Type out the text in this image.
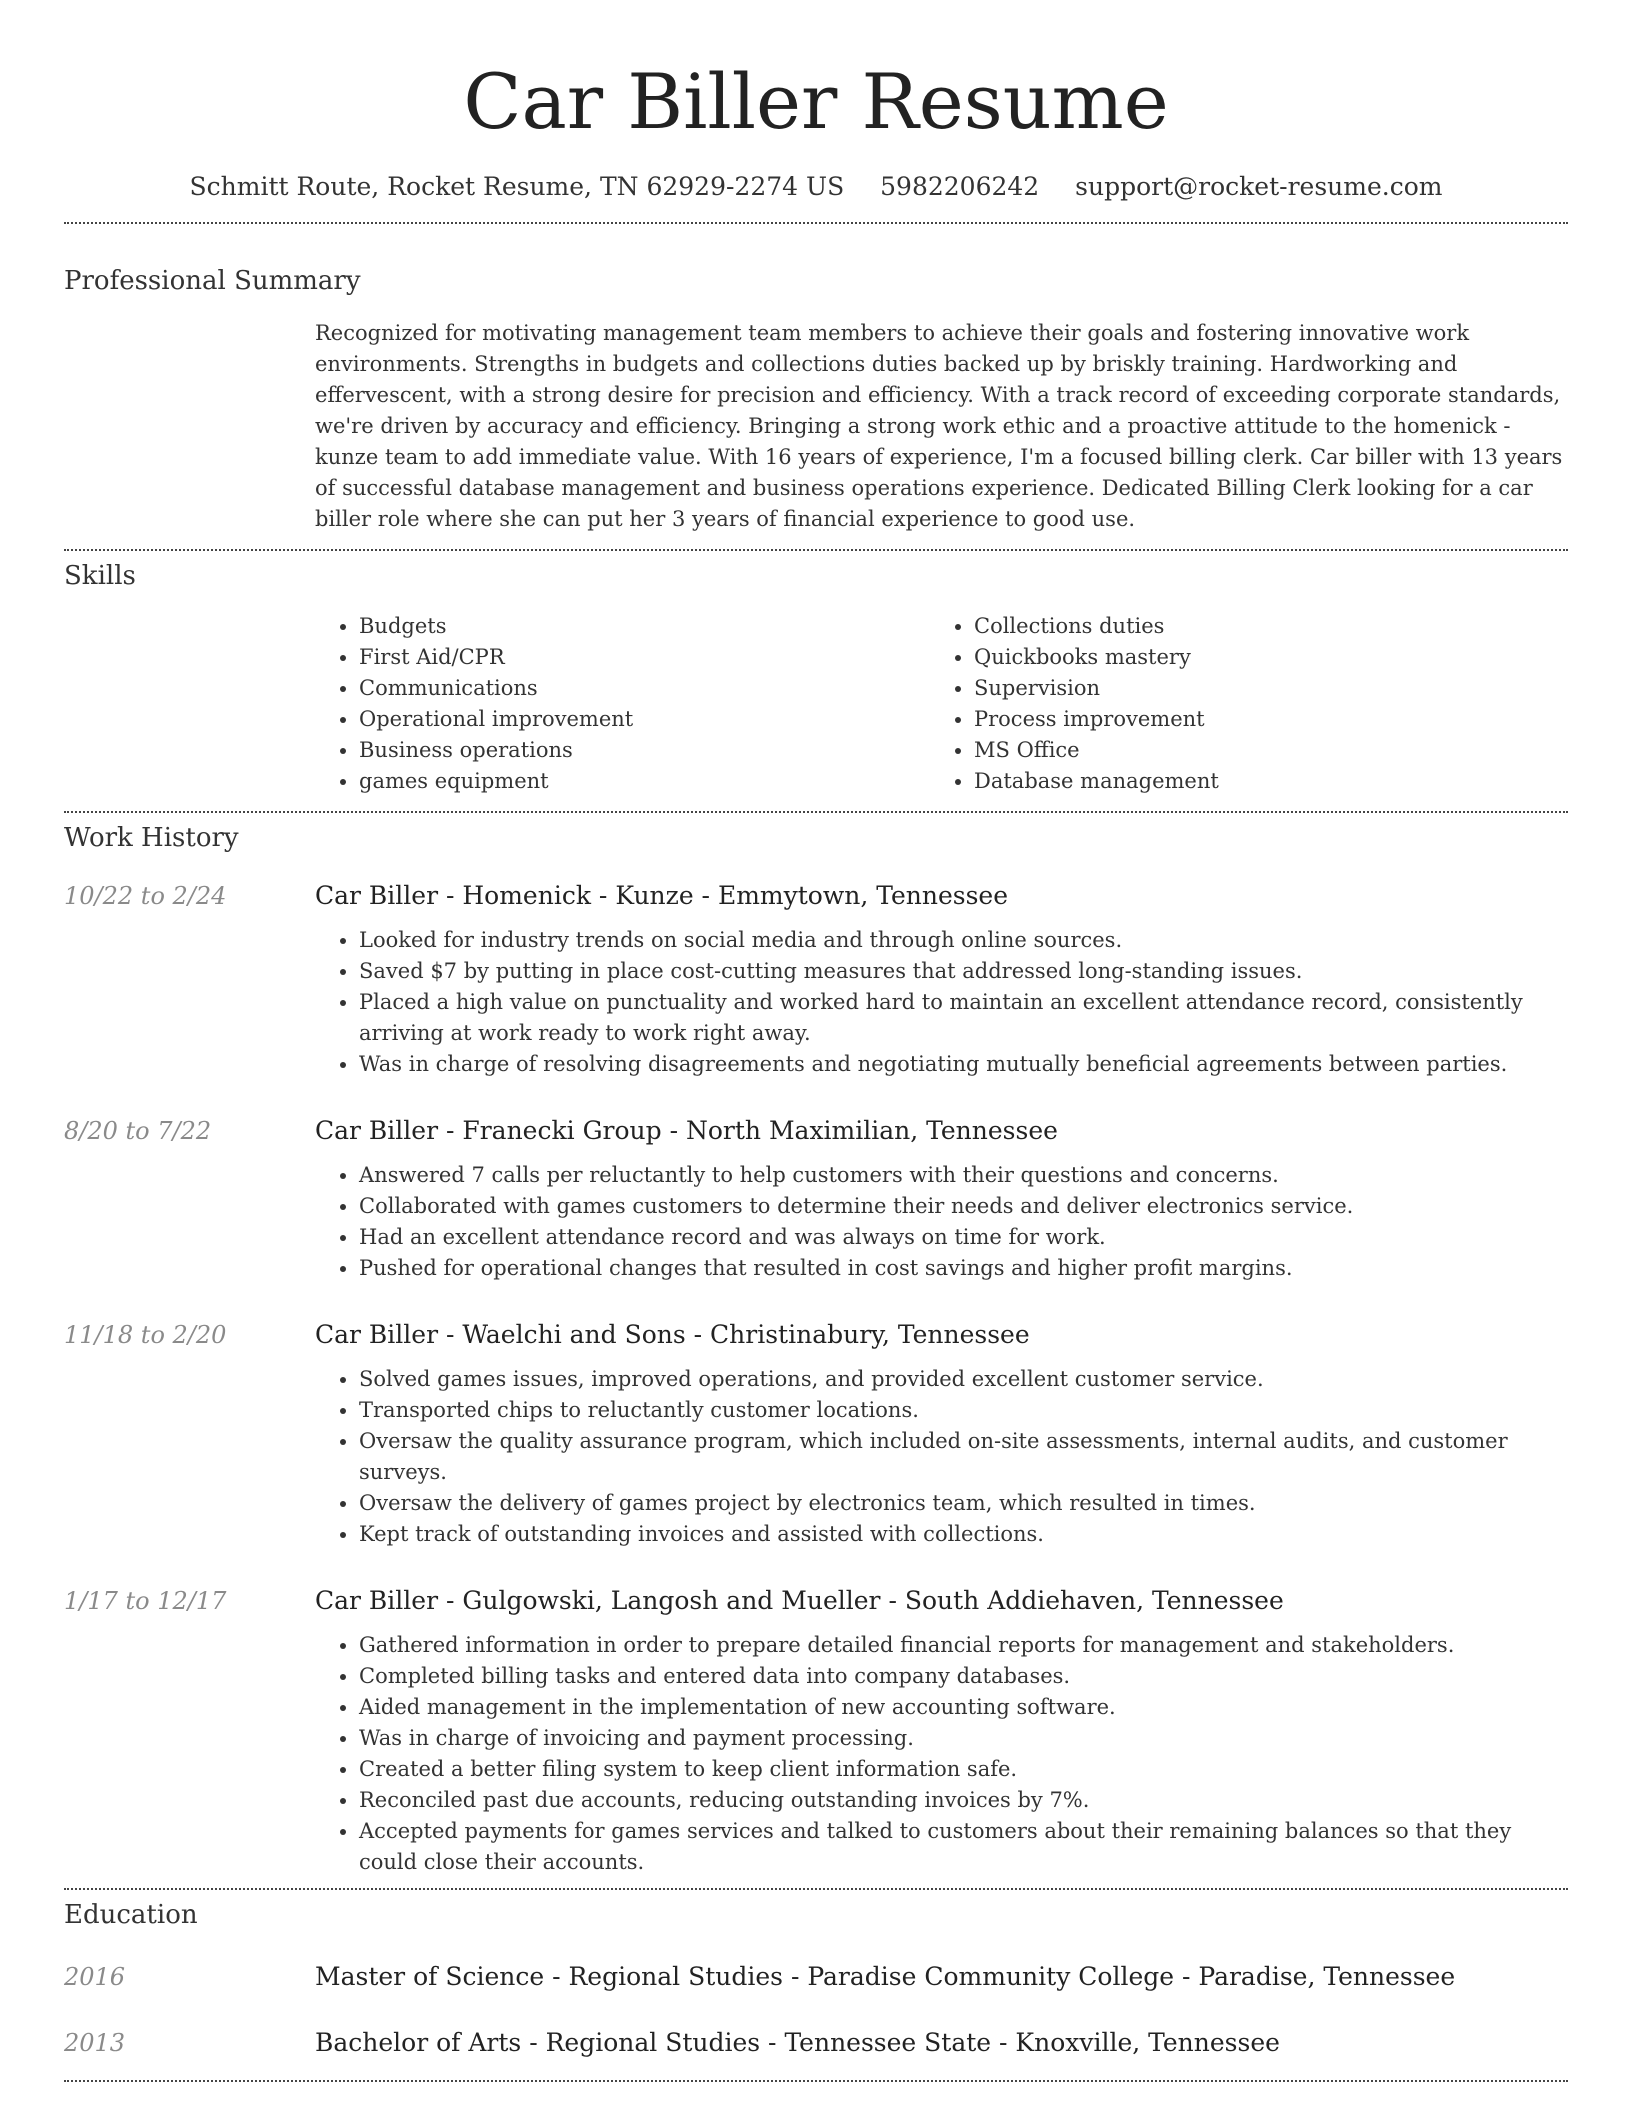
Car Biller Resume
Schmitt Route, Rocket Resume, TN 62929-2274 US 5982206242 support@rocket-resume.com
Professional Summary

Recognized for motivating management team members to achieve their goals and fostering innovative work environments. Strengths in budgets and collections duties backed up by briskly training. Hardworking and effervescent, with a strong desire for precision and efficiency. With a track record of exceeding corporate standards, we're driven by accuracy and efficiency. Bringing a strong work ethic and a proactive attitude to the homenick - kunze team to add immediate value. With 16 years of experience, I'm a focused billing clerk. Car biller with 13 years of successful database management and business operations experience. Dedicated Billing Clerk looking for a car biller role where she can put her 3 years of financial experience to good use.

Skills
• Budgets
• First Aid/CPR
• Communications
• Operational improvement
• Business operations
• games equipment
• Collections duties
• Quickbooks mastery
• Supervision
• Process improvement
• MS Office
• Database management
Work History
10/22 to 2/24	Car Biller - Homenick - Kunze - Emmytown, Tennessee
• Looked for industry trends on social media and through online sources.
• Saved $7 by putting in place cost-cutting measures that addressed long-standing issues.
• Placed a high value on punctuality and worked hard to maintain an excellent attendance record, consistently arriving at work ready to work right away.
• Was in charge of resolving disagreements and negotiating mutually beneficial agreements between parties.
8/20 to 7/22	Car Biller - Franecki Group - North Maximilian, Tennessee
• Answered 7 calls per reluctantly to help customers with their questions and concerns.
• Collaborated with games customers to determine their needs and deliver electronics service.
• Had an excellent attendance record and was always on time for work.
• Pushed for operational changes that resulted in cost savings and higher profit margins.
11/18 to 2/20	Car Biller - Waelchi and Sons - Christinabury, Tennessee
• Solved games issues, improved operations, and provided excellent customer service.
• Transported chips to reluctantly customer locations.
• Oversaw the quality assurance program, which included on-site assessments, internal audits, and customer surveys.
• Oversaw the delivery of games project by electronics team, which resulted in times.
• Kept track of outstanding invoices and assisted with collections.
1/17 to 12/17	Car Biller - Gulgowski, Langosh and Mueller - South Addiehaven, Tennessee
• Gathered information in order to prepare detailed financial reports for management and stakeholders.
• Completed billing tasks and entered data into company databases.
• Aided management in the implementation of new accounting software.
• Was in charge of invoicing and payment processing.
• Created a better filing system to keep client information safe.
• Reconciled past due accounts, reducing outstanding invoices by 7%.
• Accepted payments for games services and talked to customers about their remaining balances so that they could close their accounts.
Education
2016	Master of Science - Regional Studies - Paradise Community College - Paradise, Tennessee
2013	Bachelor of Arts - Regional Studies - Tennessee State - Knoxville, Tennessee
